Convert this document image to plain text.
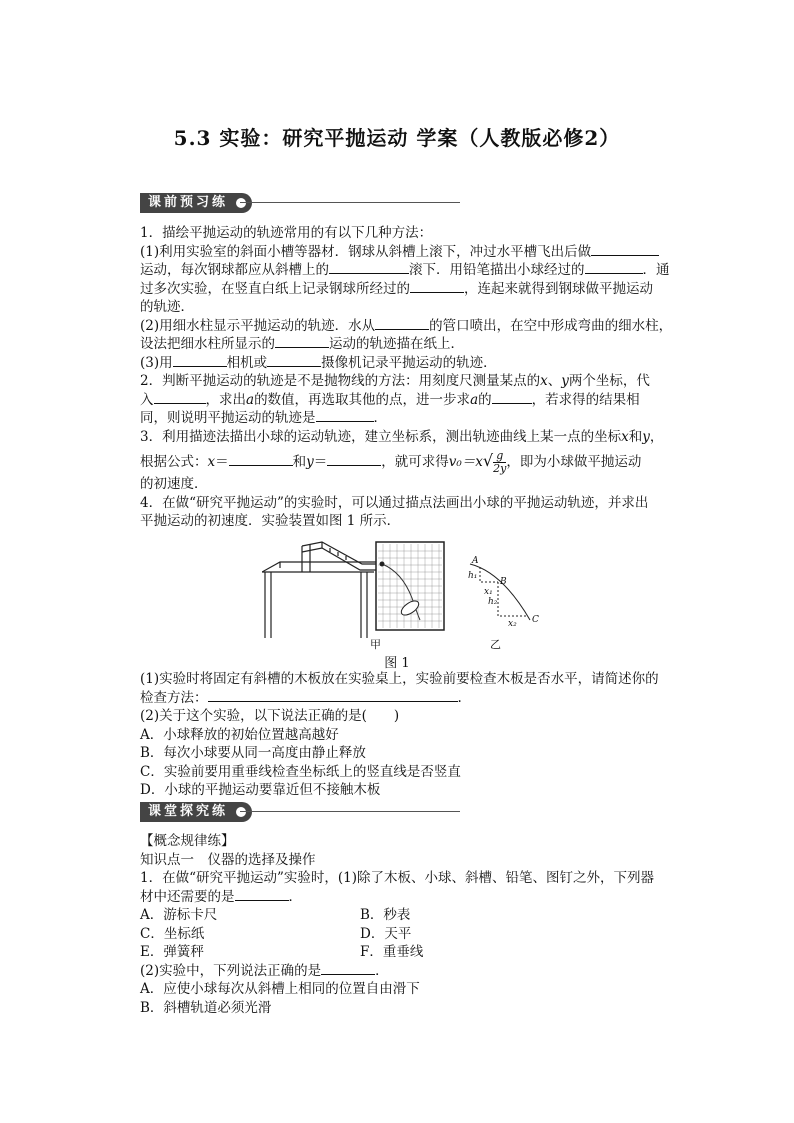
5.3 实验：研究平抛运动 学案（人教版必修2）
课前预习练

1．描绘平抛运动的轨迹常用的有以下几种方法：

(1)利用实验室的斜面小槽等器材．钢球从斜槽上滚下，冲过水平槽飞出后做

运动，每次钢球都应从斜槽上的	滚下．用铅笔描出小球经过的	．通

过多次实验，在竖直白纸上记录钢球所经过的	，连起来就得到钢球做平抛运动

的轨迹．

(2)用细水柱显示平抛运动的轨迹．水从	的管口喷出，在空中形成弯曲的细水柱，

设法把细水柱所显示的	运动的轨迹描在纸上．

(3)用	相机或	摄像机记录平抛运动的轨迹．

2．判断平抛运动的轨迹是不是抛物线的方法：用刻度尺测量某点的x、y两个坐标，代

入	，求出a的数值，再选取其他的点，进一步求a的	，若求得的结果相

同，则说明平抛运动的轨迹是	．

3．利用描迹法描出小球的运动轨迹，建立坐标系，测出轨迹曲线上某一点的坐标x和y，

根据公式：x＝	和y＝	，就可求得$v_0=x√ \frac{g}{2y}$ ，即为小球做平抛运动

的初速度．

4．在做“研究平抛运动”的实验时，可以通过描点法画出小球的平抛运动轨迹，并求出

平抛运动的初速度．实验装置如图 1 所示．

A
B
C
h₁
h₂
x₁
x₂
甲	乙
图 1

(1)实验时将固定有斜槽的木板放在实验桌上，实验前要检查木板是否水平，请简述你的

检查方法：	.

(2)关于这个实验，以下说法正确的是(　　)

A．小球释放的初始位置越高越好

B．每次小球要从同一高度由静止释放

C．实验前要用重垂线检查坐标纸上的竖直线是否竖直

D．小球的平抛运动要靠近但不接触木板

课堂探究练

【概念规律练】

知识点一　仪器的选择及操作

1．在做“研究平抛运动”实验时，(1)除了木板、小球、斜槽、铅笔、图钉之外，下列器

材中还需要的是	．

A．游标卡尺	B．秒表
C．坐标纸	D．天平
E．弹簧秤	F．重垂线

(2)实验中，下列说法正确的是	．

A．应使小球每次从斜槽上相同的位置自由滑下

B．斜槽轨道必须光滑
